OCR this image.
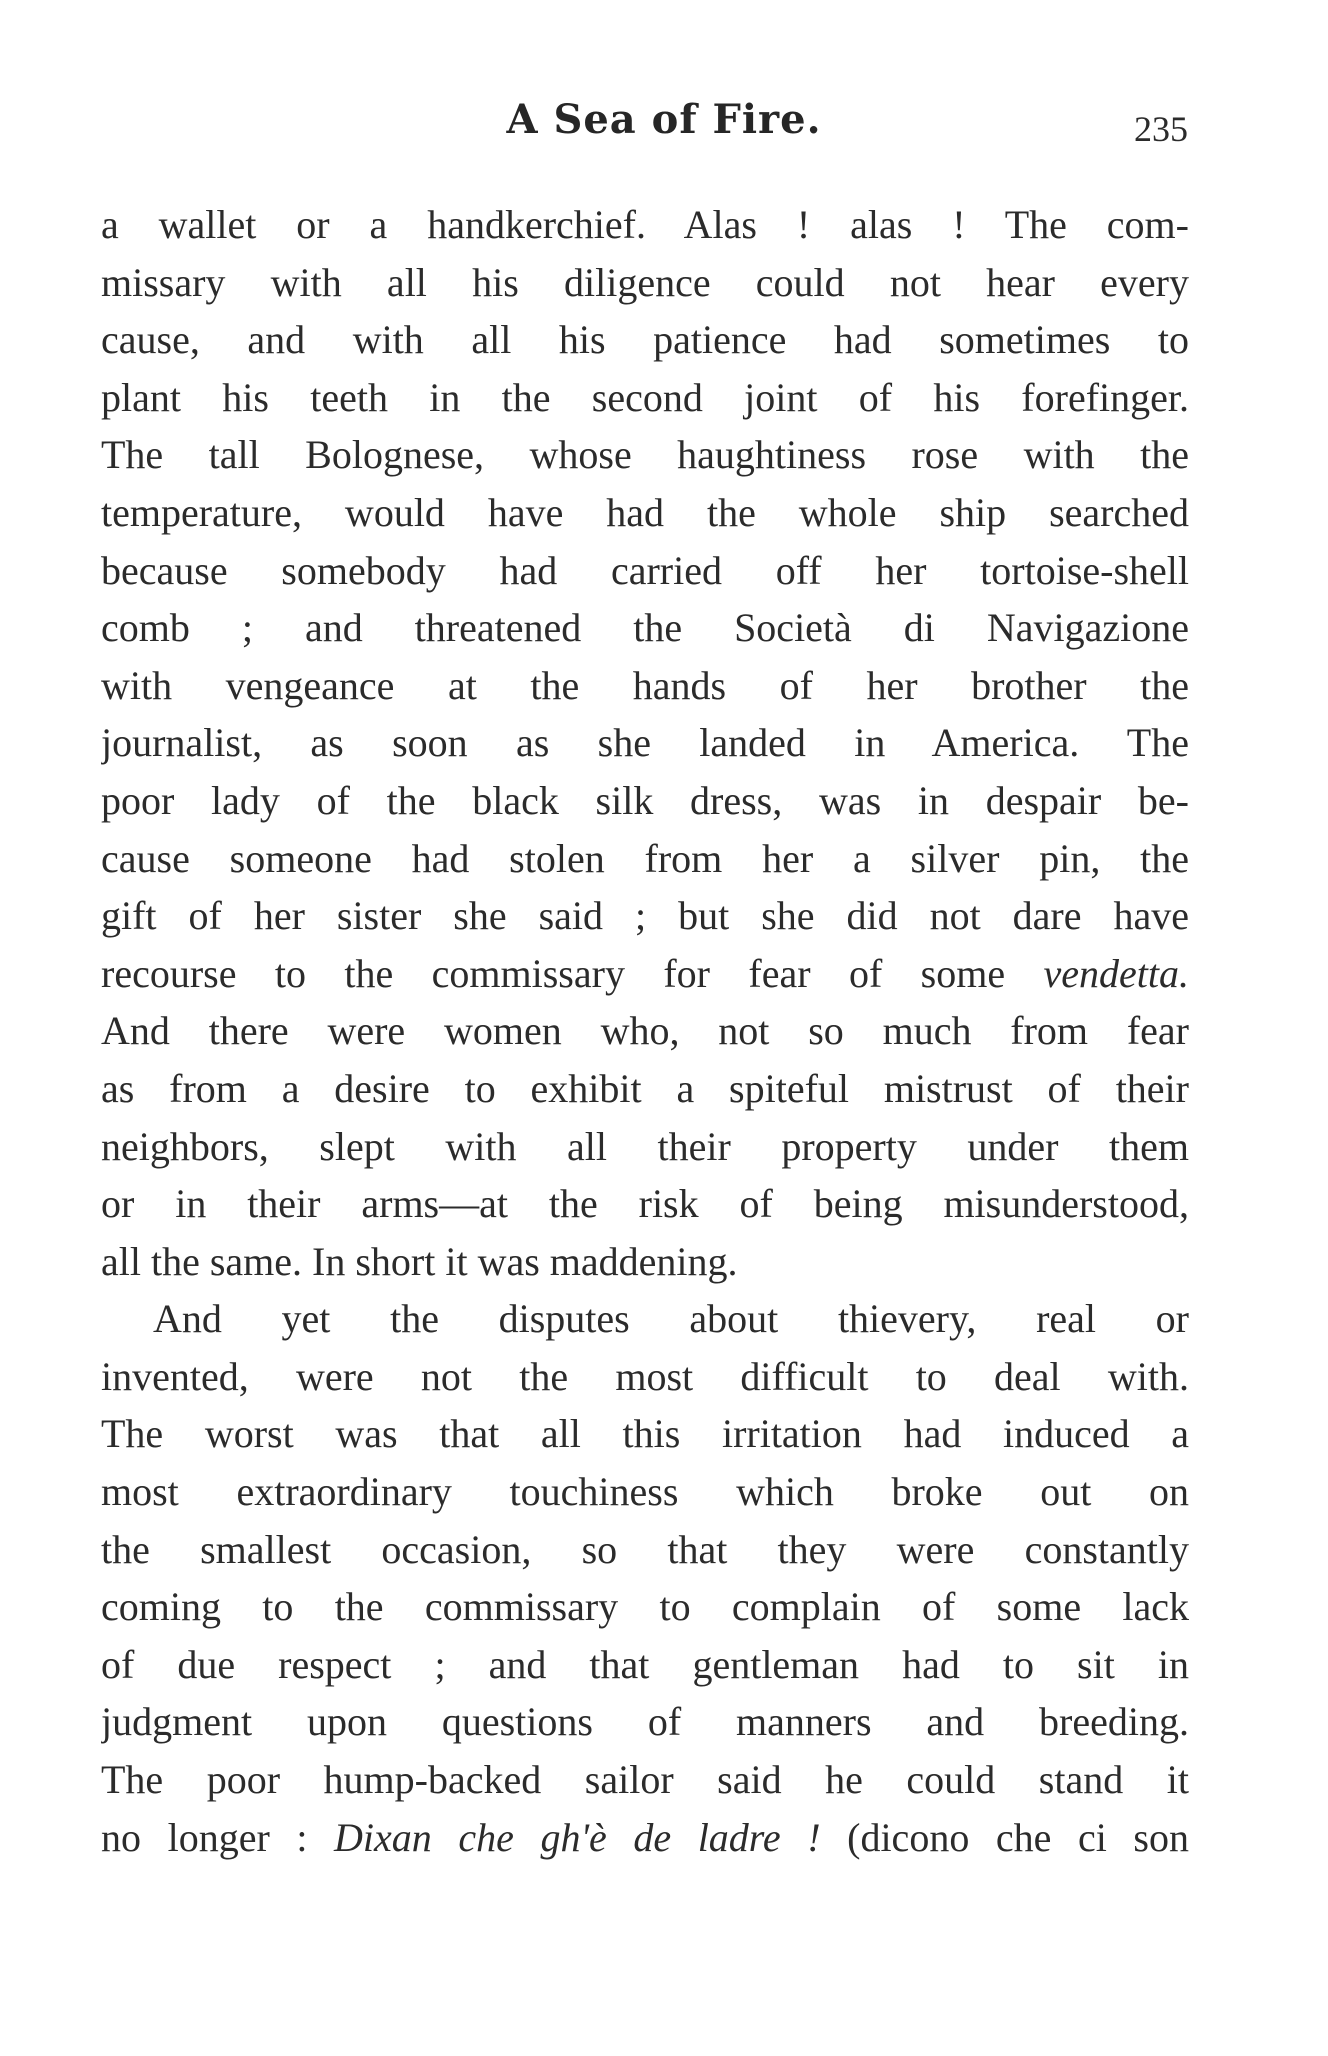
A Sea of Fire.	235
a wallet or a handkerchief. Alas ! alas ! The com-
missary with all his diligence could not hear every
cause, and with all his patience had sometimes to
plant his teeth in the second joint of his forefinger.
The tall Bolognese, whose haughtiness rose with the
temperature, would have had the whole ship searched
because somebody had carried off her tortoise-shell
comb ; and threatened the Società di Navigazione
with vengeance at the hands of her brother the
journalist, as soon as she landed in America. The
poor lady of the black silk dress, was in despair be-
cause someone had stolen from her a silver pin, the
gift of her sister she said ; but she did not dare have
recourse to the commissary for fear of some vendetta.
And there were women who, not so much from fear
as from a desire to exhibit a spiteful mistrust of their
neighbors, slept with all their property under them
or in their arms—at the risk of being misunderstood,
all the same. In short it was maddening.
And yet the disputes about thievery, real or
invented, were not the most difficult to deal with.
The worst was that all this irritation had induced a
most extraordinary touchiness which broke out on
the smallest occasion, so that they were constantly
coming to the commissary to complain of some lack
of due respect ; and that gentleman had to sit in
judgment upon questions of manners and breeding.
The poor hump-backed sailor said he could stand it
no longer : Dixan che gh'è de ladre ! (dicono che ci son
